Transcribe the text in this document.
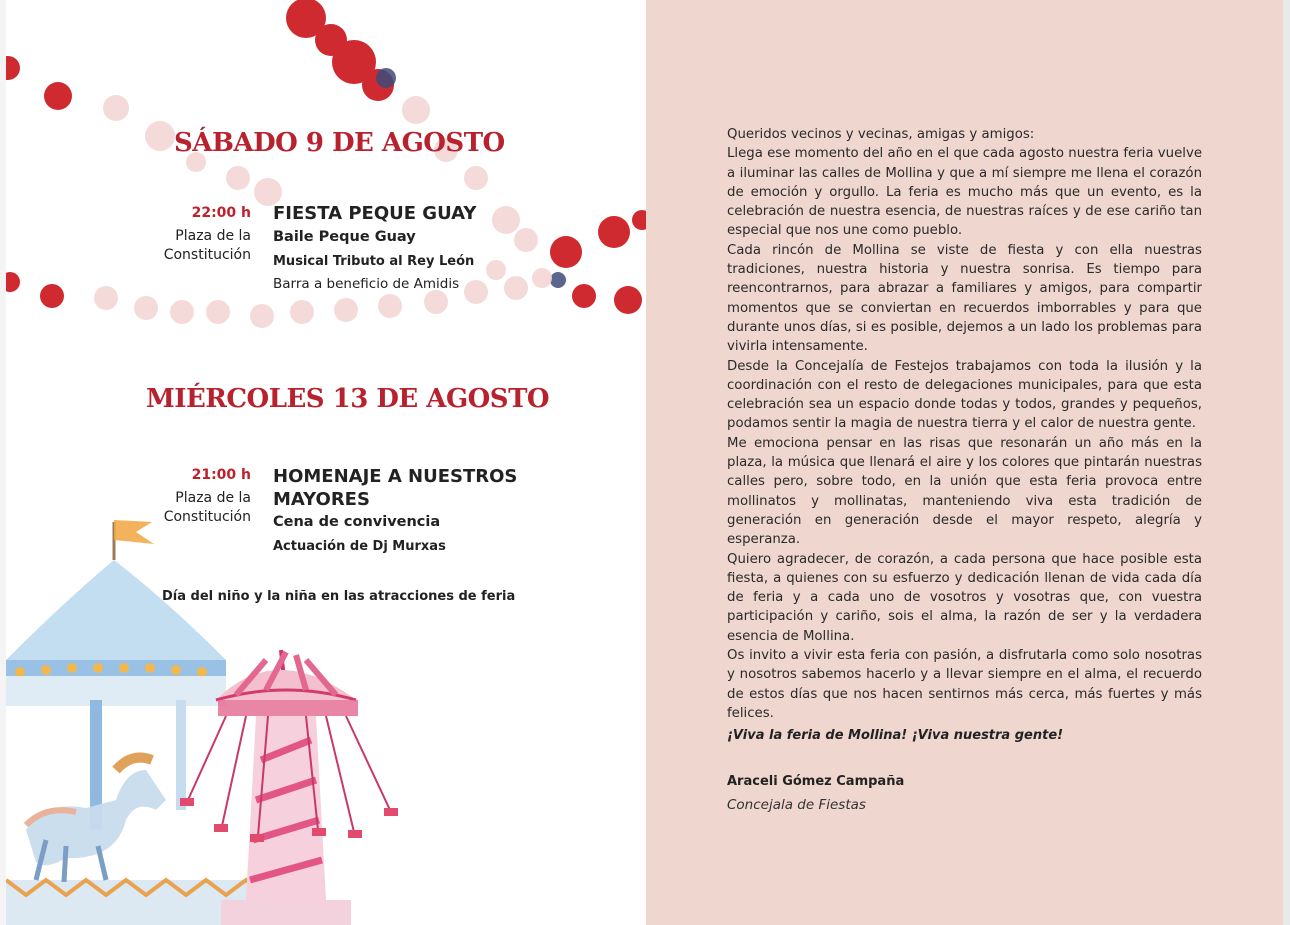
SÁBADO 9 DE AGOSTO
22:00 h
Plaza de la
Constitución
FIESTA PEQUE GUAY
Baile Peque Guay
Musical Tributo al Rey León
Barra a beneficio de Amidis
MIÉRCOLES 13 DE AGOSTO
21:00 h
Plaza de la
Constitución
HOMENAJE A NUESTROS
MAYORES
Cena de convivencia
Actuación de Dj Murxas
Día del niño y la niña en las atracciones de feria

Queridos vecinos y vecinas, amigas y amigos:

Llega ese momento del año en el que cada agosto nuestra feria vuelve a iluminar las calles de Mollina y que a mí siempre me llena el corazón de emoción y orgullo. La feria es mucho más que un evento, es la celebración de nuestra esencia, de nuestras raíces y de ese cariño tan especial que nos une como pueblo.

Cada rincón de Mollina se viste de fiesta y con ella nuestras tradiciones, nuestra historia y nuestra sonrisa. Es tiempo para reencontrarnos, para abrazar a familiares y amigos, para compartir momentos que se conviertan en recuerdos imborrables y para que durante unos días, si es posible, dejemos a un lado los problemas para vivirla intensamente.

Desde la Concejalía de Festejos trabajamos con toda la ilusión y la coordinación con el resto de delegaciones municipales, para que esta celebración sea un espacio donde todas y todos, grandes y pequeños, podamos sentir la magia de nuestra tierra y el calor de nuestra gente.

Me emociona pensar en las risas que resonarán un año más en la plaza, la música que llenará el aire y los colores que pintarán nuestras calles pero, sobre todo, en la unión que esta feria provoca entre mollinatos y mollinatas, manteniendo viva esta tradición de generación en generación desde el mayor respeto, alegría y esperanza.

Quiero agradecer, de corazón, a cada persona que hace posible esta fiesta, a quienes con su esfuerzo y dedicación llenan de vida cada día de feria y a cada uno de vosotros y vosotras que, con vuestra participación y cariño, sois el alma, la razón de ser y la verdadera esencia de Mollina.

Os invito a vivir esta feria con pasión, a disfrutarla como solo nosotras y nosotros sabemos hacerlo y a llevar siempre en el alma, el recuerdo de estos días que nos hacen sentirnos más cerca, más fuertes y más felices.

¡Viva la feria de Mollina! ¡Viva nuestra gente!
Araceli Gómez Campaña
Concejala de Fiestas
